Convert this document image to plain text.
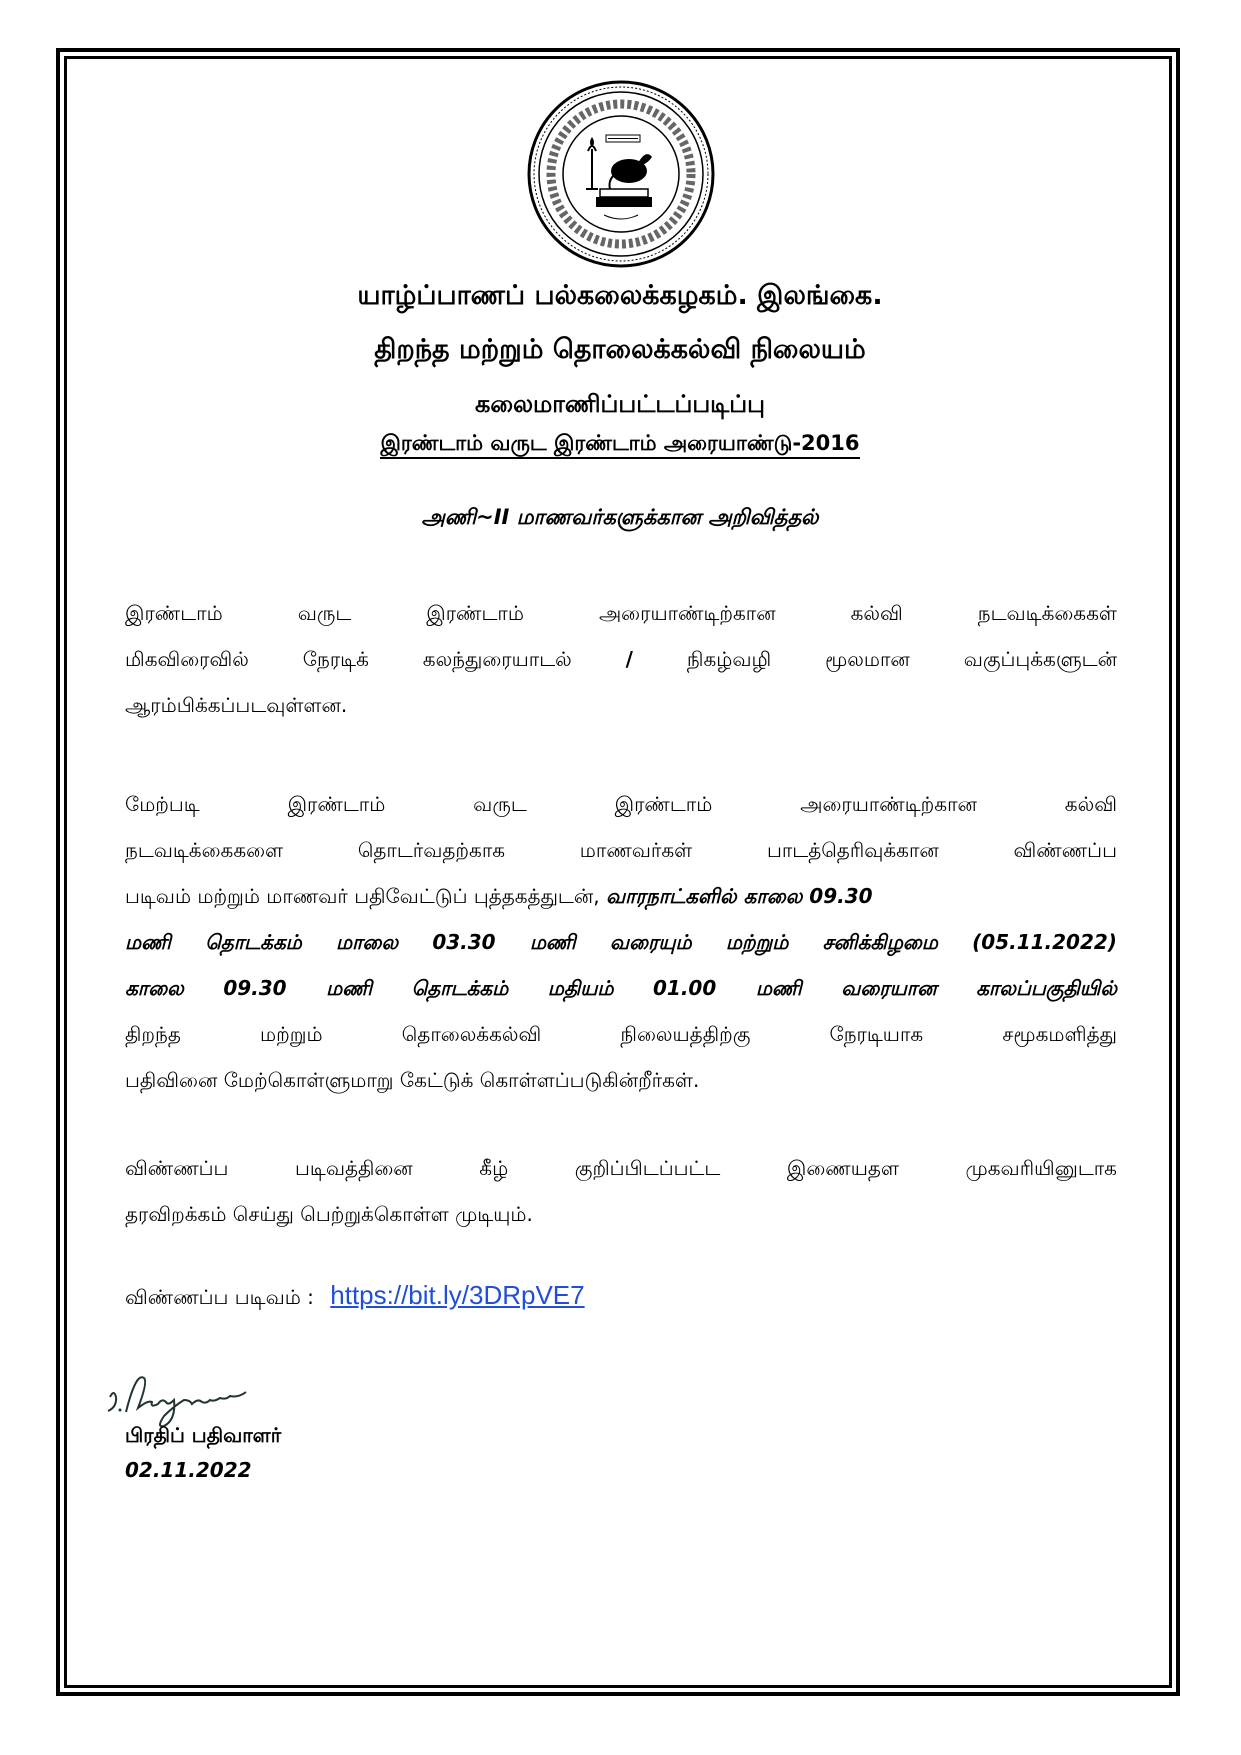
யாழ்ப்பாணப் பல்கலைக்கழகம். இலங்கை.
திறந்த மற்றும் தொலைக்கல்வி நிலையம்
கலைமாணிப்பட்டப்படிப்பு
இரண்டாம் வருட இரண்டாம் அரையாண்டு-2016
அணி~II மாணவர்களுக்கான அறிவித்தல்
இரண்டாம்	வருட	இரண்டாம்	அரையாண்டிற்கான	கல்வி	நடவடிக்கைகள்
மிகவிரைவில்	நேரடிக்	கலந்துரையாடல்	/	நிகழ்வழி	மூலமான	வகுப்புக்களுடன்
ஆரம்பிக்கப்படவுள்ளன.
மேற்படி	இரண்டாம்	வருட	இரண்டாம்	அரையாண்டிற்கான	கல்வி
நடவடிக்கைகளை	தொடர்வதற்காக	மாணவர்கள்	பாடத்தெரிவுக்கான	விண்ணப்ப
படிவம் மற்றும் மாணவர் பதிவேட்டுப் புத்தகத்துடன், வாரநாட்களில் காலை 09.30
மணி தொடக்கம் மாலை 03.30 மணி வரையும் மற்றும் சனிக்கிழமை (05.11.2022)
காலை 09.30 மணி தொடக்கம் மதியம் 01.00 மணி வரையான காலப்பகுதியில்
திறந்த	மற்றும்	தொலைக்கல்வி	நிலையத்திற்கு	நேரடியாக	சமூகமளித்து
பதிவினை மேற்கொள்ளுமாறு கேட்டுக் கொள்ளப்படுகின்றீர்கள்.
விண்ணப்ப	படிவத்தினை	கீழ்	குறிப்பிடப்பட்ட	இணையதள	முகவரியினுடாக
தரவிறக்கம் செய்து பெற்றுக்கொள்ள முடியும்.
விண்ணப்ப படிவம் : https://bit.ly/3DRpVE7
பிரதிப் பதிவாளர்
02.11.2022
